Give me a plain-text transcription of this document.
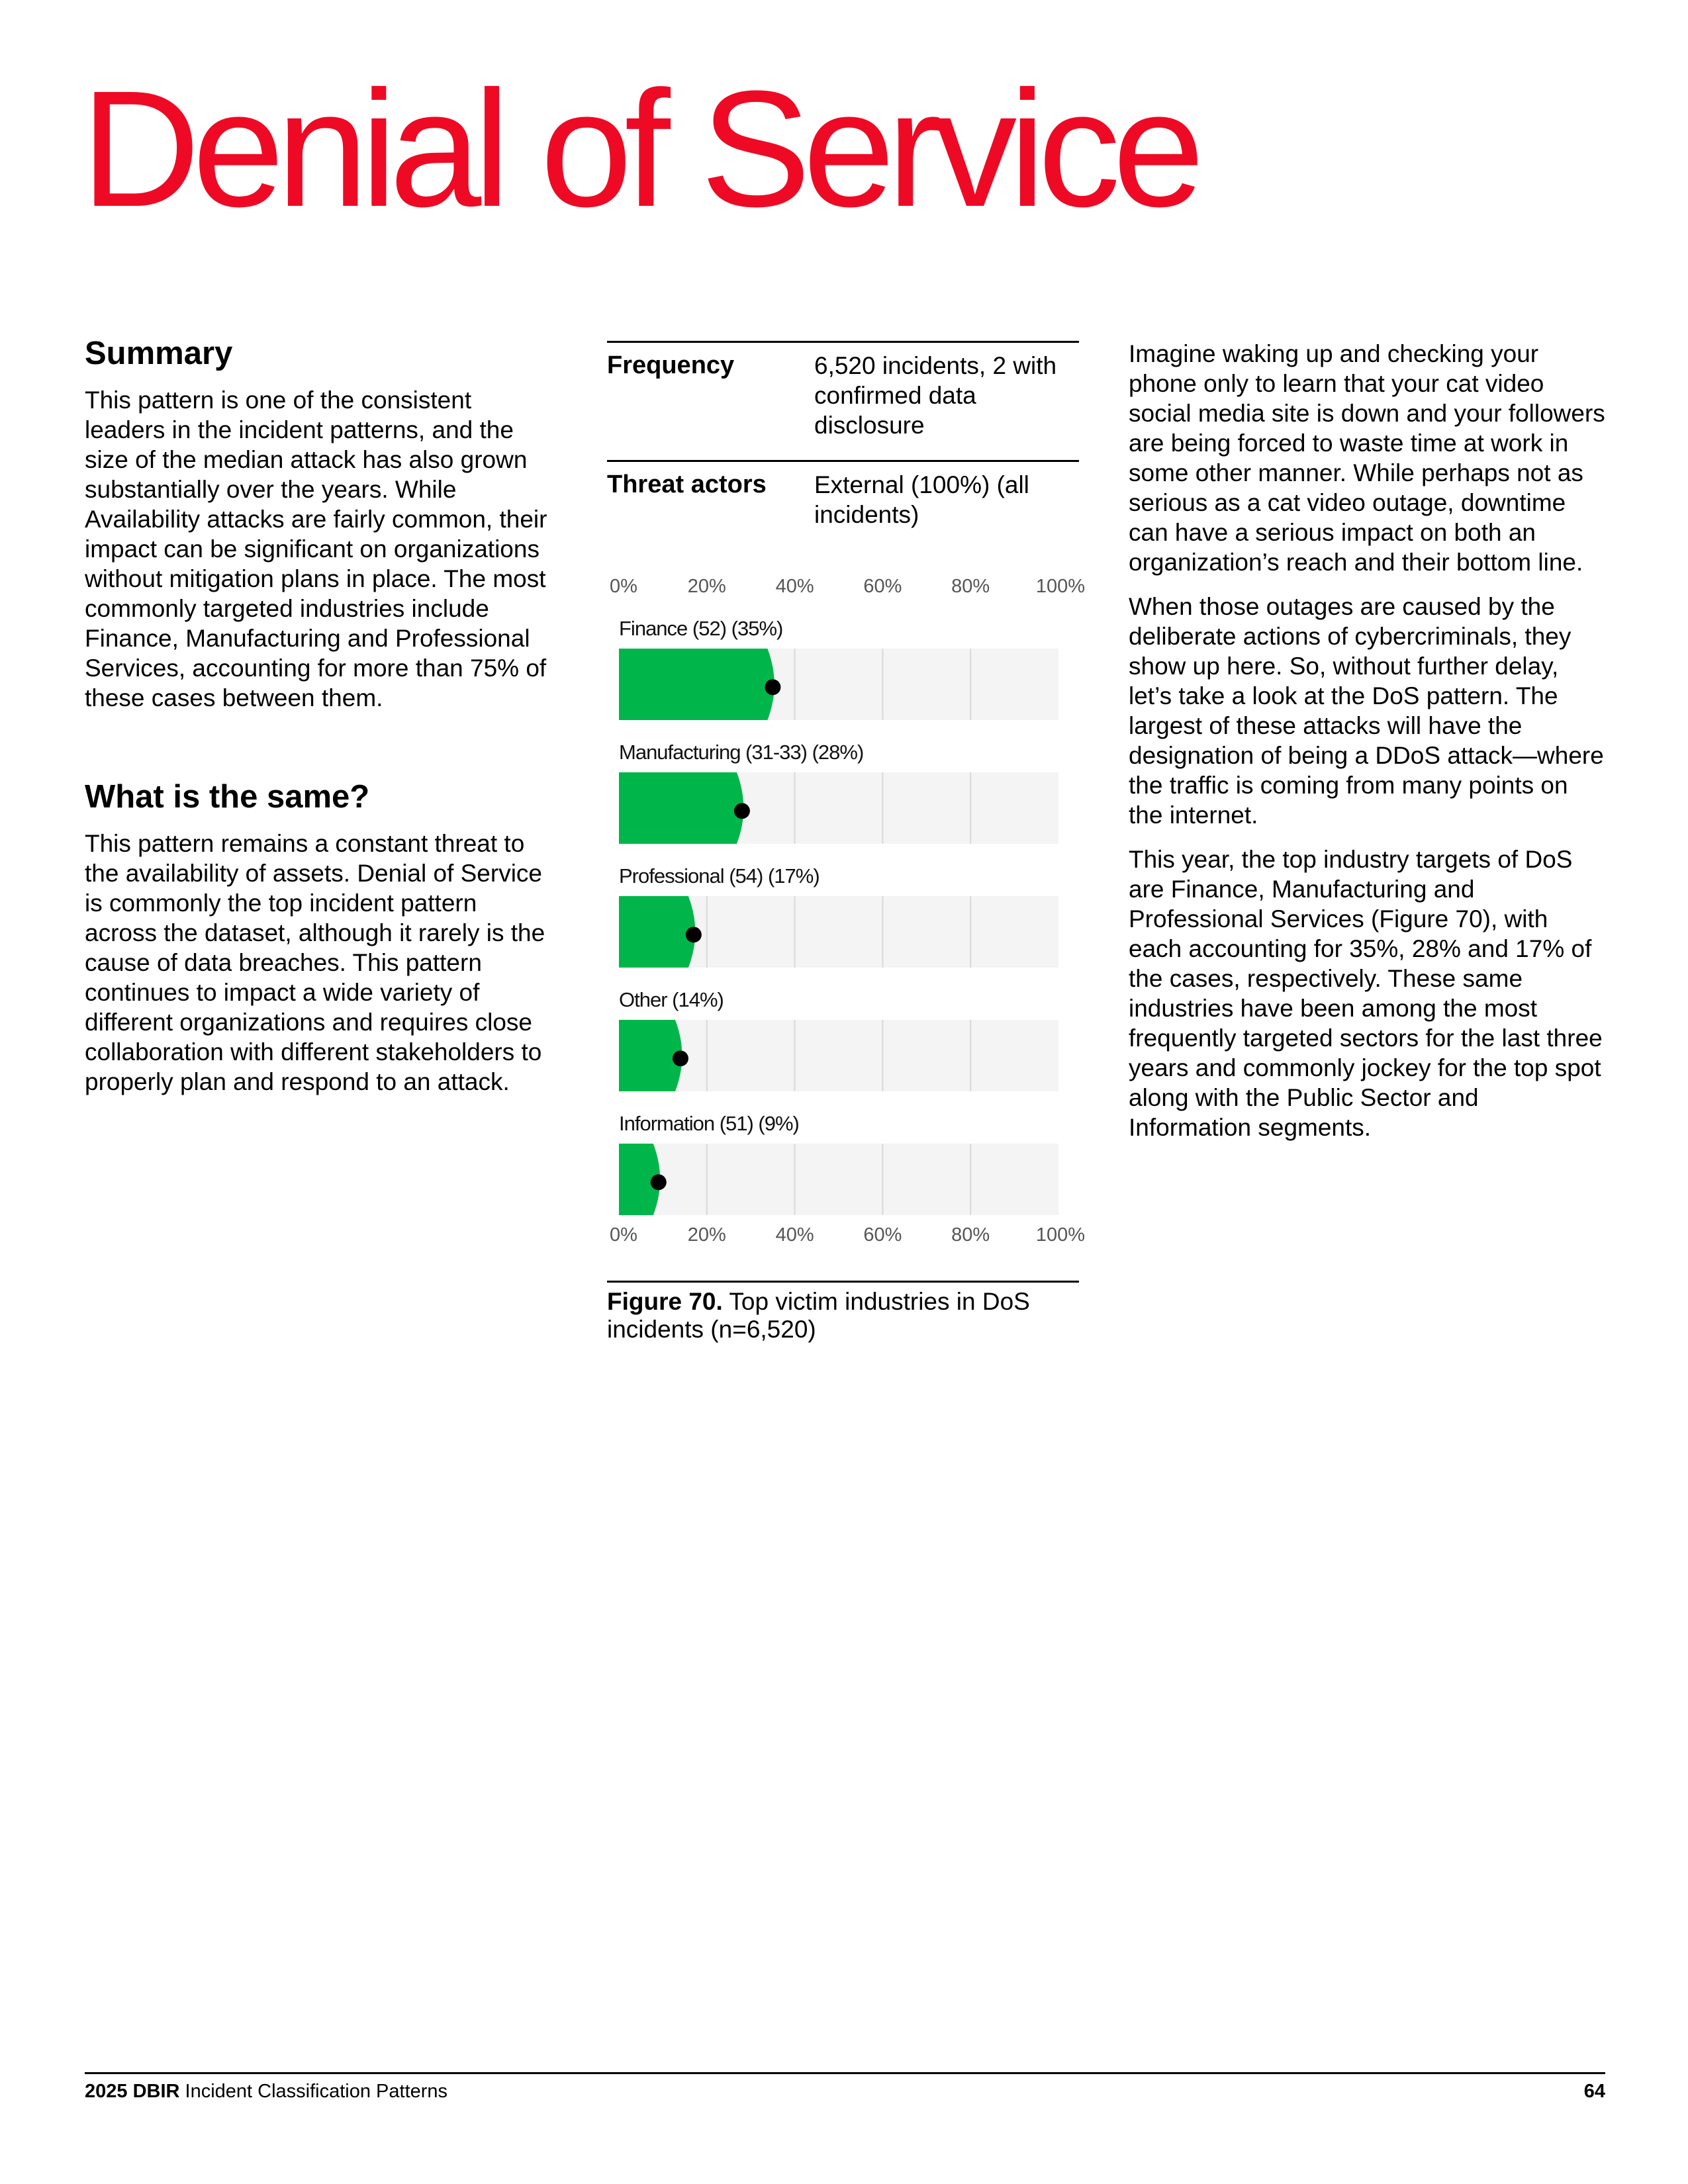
Denial of Service
Summary

This pattern is one of the consistent leaders in the incident patterns, and the size of the median attack has also grown substantially over the years. While Availability attacks are fairly common, their impact can be significant on organizations without mitigation plans in place. The most commonly targeted industries include Finance, Manufacturing and Professional Services, accounting for more than 75% of these cases between them.

What is the same?

This pattern remains a constant threat to the availability of assets. Denial of Service is commonly the top incident pattern across the dataset, although it rarely is the cause of data breaches. This pattern continues to impact a wide variety of different organizations and requires close collaboration with different stakeholders to properly plan and respond to an attack.

Frequency	6,520 incidents, 2 with confirmed data disclosure
Threat actors	External (100%) (all incidents)
0%
0%
20%
20%
40%
40%
60%
60%
80%
80%
100%
100%
Finance (52) (35%)
Manufacturing (31-33) (28%)
Professional (54) (17%)
Other (14%)
Information (51) (9%)
Figure 70. Top victim industries in DoS incidents (n=6,520)

Imagine waking up and checking your phone only to learn that your cat video social media site is down and your followers are being forced to waste time at work in some other manner. While perhaps not as serious as a cat video outage, downtime can have a serious impact on both an organization’s reach and their bottom line.

When those outages are caused by the deliberate actions of cybercriminals, they show up here. So, without further delay, let’s take a look at the DoS pattern. The largest of these attacks will have the designation of being a DDoS attack—where the traffic is coming from many points on the internet.

This year, the top industry targets of DoS are Finance, Manufacturing and Professional Services (Figure 70), with each accounting for 35%, 28% and 17% of the cases, respectively. These same industries have been among the most frequently targeted sectors for the last three years and commonly jockey for the top spot along with the Public Sector and Information segments.

2025 DBIR Incident Classification Patterns	64
